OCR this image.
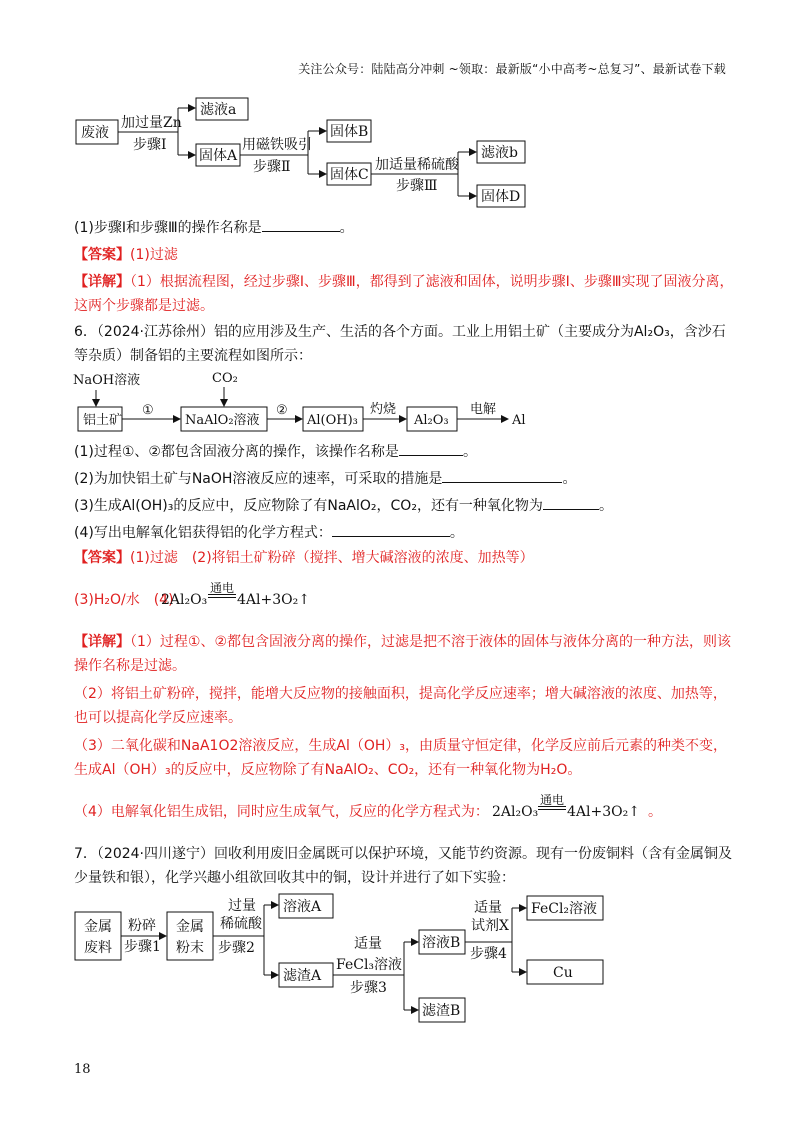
关注公众号：陆陆高分冲刺 ~领取：最新版“小中高考~总复习”、最新试卷下载
废液
加过量Zn
步骤Ⅰ
滤液a
固体A
用磁铁吸引
步骤Ⅱ
固体B
固体C
加适量稀硫酸
步骤Ⅲ
滤液b
固体D

(1)步骤Ⅰ和步骤Ⅲ的操作名称是	。

【答案】(1)过滤

【详解】（1）根据流程图，经过步骤Ⅰ、步骤Ⅲ，都得到了滤液和固体，说明步骤Ⅰ、步骤Ⅲ实现了固液分离，这两个步骤都是过滤。

6．（2024·江苏徐州）铝的应用涉及生产、生活的各个方面。工业上用铝土矿（主要成分为Al₂O₃，含沙石等杂质）制备铝的主要流程如图所示：

NaOH溶液	CO₂
铝土矿
①
NaAlO₂溶液
②
Al(OH)₃
灼烧
Al₂O₃
电解
Al

(1)过程①、②都包含固液分离的操作，该操作名称是	。

(2)为加快铝土矿与NaOH溶液反应的速率，可采取的措施是	。

(3)生成Al(OH)₃的反应中，反应物除了有NaAlO₂，CO₂，还有一种氧化物为	。

(4)写出电解氧化铝获得铝的化学方程式：	。

【答案】(1)过滤　(2)将铝土矿粉碎（搅拌、增大碱溶液的浓度、加热等）

(3)H₂O/水　(4)
2Al₂O₃
通电
4Al+3O₂↑

【详解】（1）过程①、②都包含固液分离的操作，过滤是把不溶于液体的固体与液体分离的一种方法，则该操作名称是过滤。

（2）将铝土矿粉碎，搅拌，能增大反应物的接触面积，提高化学反应速率；增大碱溶液的浓度、加热等，也可以提高化学反应速率。

（3）二氧化碳和NaA1O2溶液反应，生成Al（OH）₃，由质量守恒定律，化学反应前后元素的种类不变，生成Al（OH）₃的反应中，反应物除了有NaAlO₂、CO₂，还有一种氧化物为H₂O。

（4）电解氧化铝生成铝，同时应生成氧气，反应的化学方程式为： 2Al₂O₃
通电
4Al+3O₂↑ 。

7．（2024·四川遂宁）回收利用废旧金属既可以保护环境，又能节约资源。现有一份废铜料（含有金属铜及少量铁和银），化学兴趣小组欲回收其中的铜，设计并进行了如下实验：

金属
废料
粉碎
步骤1
金属
粉末
过量
稀硫酸
步骤2
溶液A
滤渣A
适量
FeCl₃溶液
步骤3
溶液B
滤渣B
适量
试剂X
步骤4
FeCl₂溶液
Cu
18
